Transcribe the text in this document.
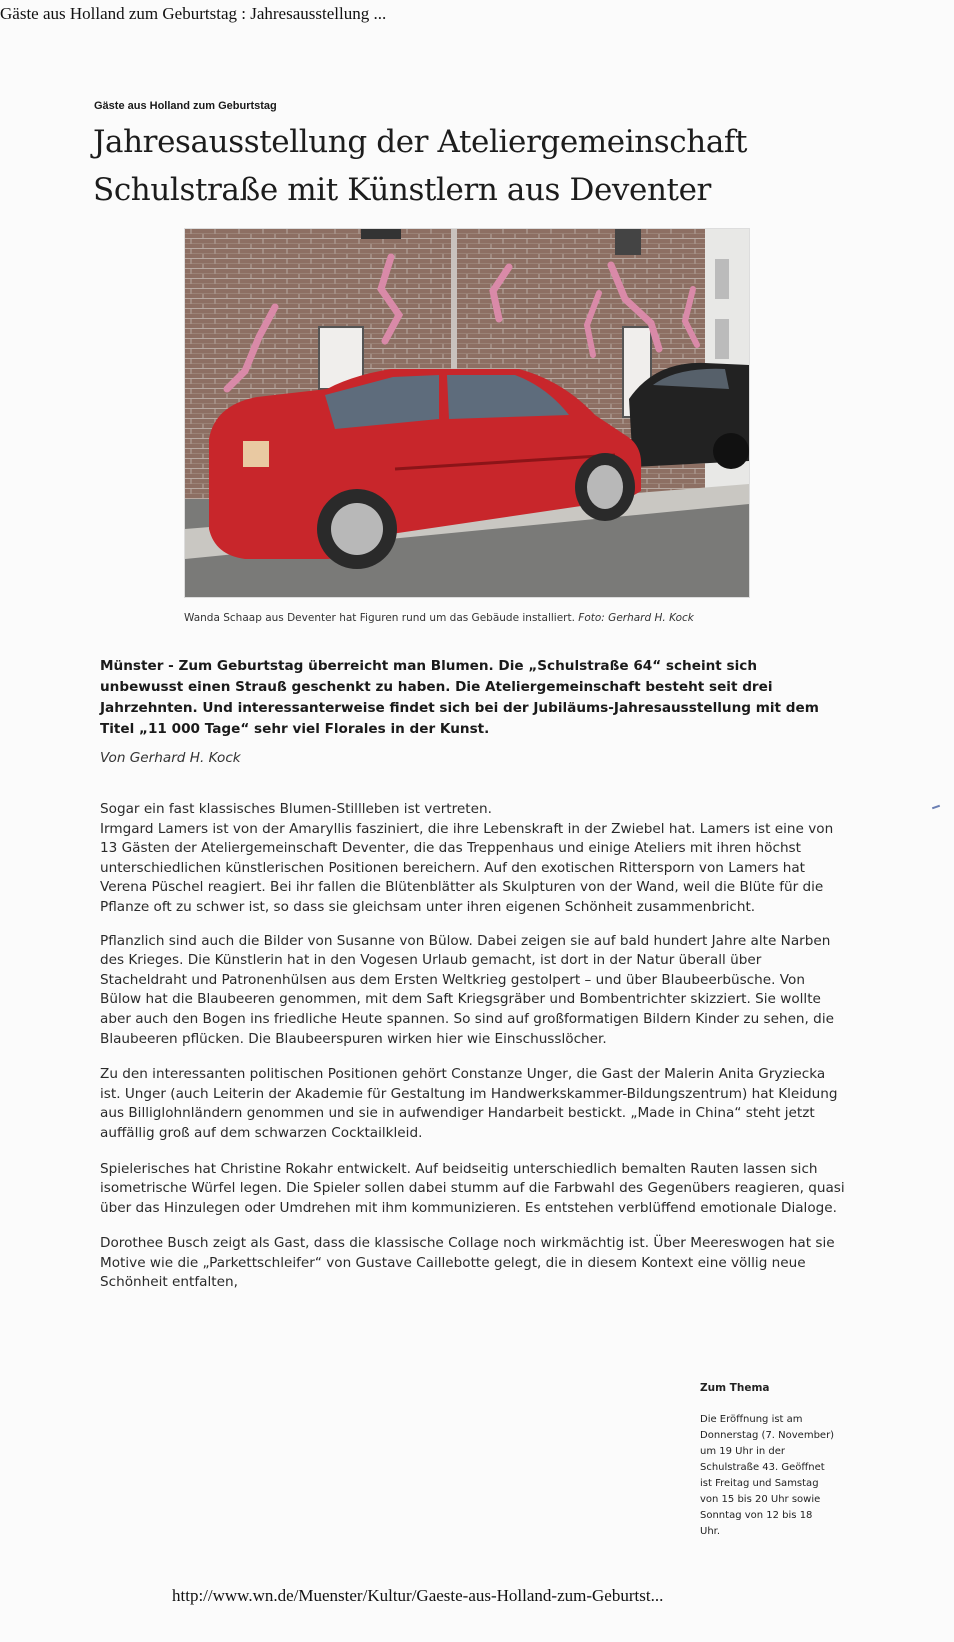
Gäste aus Holland zum Geburtstag : Jahresausstellung ...
Gäste aus Holland zum Geburtstag
Jahresausstellung der Ateliergemeinschaft Schulstraße mit Künstlern aus Deventer
Wanda Schaap aus Deventer hat Figuren rund um das Gebäude installiert. Foto: Gerhard H. Kock

Münster - Zum Geburtstag überreicht man Blumen. Die „Schulstraße 64“ scheint sich unbewusst einen Strauß geschenkt zu haben. Die Ateliergemeinschaft besteht seit drei Jahrzehnten. Und interessanterweise findet sich bei der Jubiläums-Jahresausstellung mit dem Titel „11 000 Tage“ sehr viel Florales in der Kunst.

Von Gerhard H. Kock

Sogar ein fast klassisches Blumen-Stillleben ist vertreten.
Irmgard Lamers ist von der Amaryllis fasziniert, die ihre Lebenskraft in der Zwiebel hat. Lamers ist eine von 13 Gästen der Ateliergemeinschaft Deventer, die das Treppenhaus und einige Ateliers mit ihren höchst unterschiedlichen künstlerischen Positionen bereichern. Auf den exotischen Rittersporn von Lamers hat Verena Püschel reagiert. Bei ihr fallen die Blütenblätter als Skulpturen von der Wand, weil die Blüte für die Pflanze oft zu schwer ist, so dass sie gleichsam unter ihren eigenen Schönheit zusammenbricht.

Pflanzlich sind auch die Bilder von Susanne von Bülow. Dabei zeigen sie auf bald hundert Jahre alte Narben des Krieges. Die Künstlerin hat in den Vogesen Urlaub gemacht, ist dort in der Natur überall über Stacheldraht und Patronenhülsen aus dem Ersten Weltkrieg gestolpert – und über Blaubeerbüsche. Von Bülow hat die Blaubeeren genommen, mit dem Saft Kriegsgräber und Bombentrichter skizziert. Sie wollte aber auch den Bogen ins friedliche Heute spannen. So sind auf großformatigen Bildern Kinder zu sehen, die Blaubeeren pflücken. Die Blaubeerspuren wirken hier wie Einschusslöcher.

Zu den interessanten politischen Positionen gehört Constanze Unger, die Gast der Malerin Anita Gryziecka ist. Unger (auch Leiterin der Akademie für Gestaltung im Handwerkskammer-Bildungszentrum) hat Kleidung aus Billiglohnländern genommen und sie in aufwendiger Handarbeit bestickt. „Made in China“ steht jetzt auffällig groß auf dem schwarzen Cocktailkleid.

Spielerisches hat Christine Rokahr entwickelt. Auf beidseitig unterschiedlich bemalten Rauten lassen sich isometrische Würfel legen. Die Spieler sollen dabei stumm auf die Farbwahl des Gegenübers reagieren, quasi über das Hinzulegen oder Umdrehen mit ihm kommunizieren. Es entstehen verblüffend emotionale Dialoge.

Dorothee Busch zeigt als Gast, dass die klassische Collage noch wirkmächtig ist. Über Meereswogen hat sie Motive wie die „Parkettschleifer“ von Gustave Caillebotte gelegt, die in diesem Kontext eine völlig neue Schönheit entfalten,

Zum Thema
Die Eröffnung ist am Donnerstag (7. November) um 19 Uhr in der Schulstraße 43. Geöffnet ist Freitag und Samstag von 15 bis 20 Uhr sowie Sonntag von 12 bis 18 Uhr.
http://www.wn.de/Muenster/Kultur/Gaeste-aus-Holland-zum-Geburtst...
